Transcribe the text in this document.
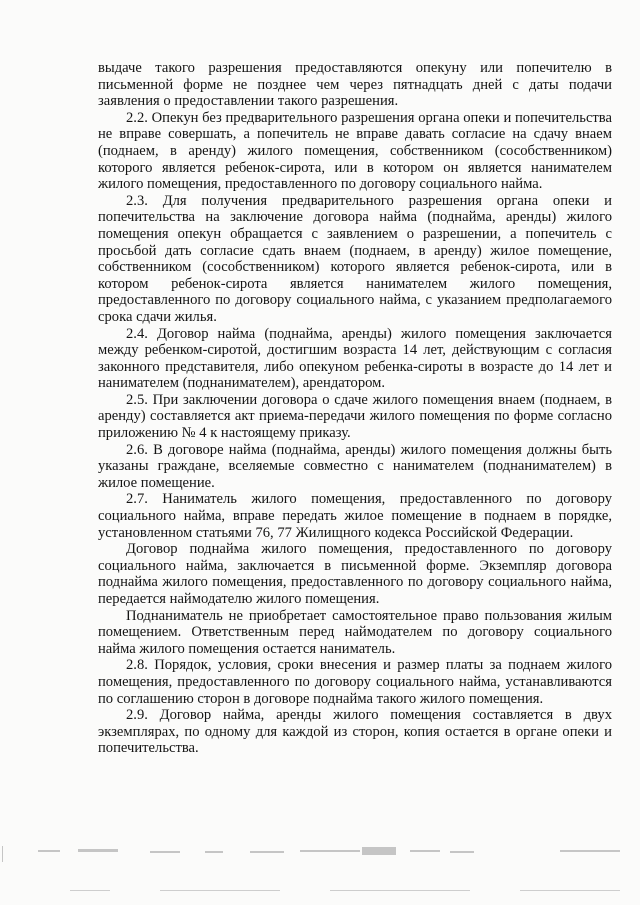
выдаче такого разрешения предоставляются опекуну или попечителю в письменной форме не позднее чем через пятнадцать дней с даты подачи заявления о предоставлении такого разрешения.

2.2. Опекун без предварительного разрешения органа опеки и попечительства не вправе совершать, а попечитель не вправе давать согласие на сдачу внаем (поднаем, в аренду) жилого помещения, собственником (сособственником) которого является ребенок-сирота, или в котором он является нанимателем жилого помещения, предоставленного по договору социального найма.

2.3. Для получения предварительного разрешения органа опеки и попечительства на заключение договора найма (поднайма, аренды) жилого помещения опекун обращается с заявлением о разрешении, а попечитель с просьбой дать согласие сдать внаем (поднаем, в аренду) жилое помещение, собственником (сособственником) которого является ребенок-сирота, или в котором ребенок-сирота является нанимателем жилого помещения, предоставленного по договору социального найма, с указанием предполагаемого срока сдачи жилья.

2.4. Договор найма (поднайма, аренды) жилого помещения заключается между ребенком-сиротой, достигшим возраста 14 лет, действующим с согласия законного представителя, либо опекуном ребенка-сироты в возрасте до 14 лет и нанимателем (поднанимателем), арендатором.

2.5. При заключении договора о сдаче жилого помещения внаем (поднаем, в аренду) составляется акт приема-передачи жилого помещения по форме согласно приложению № 4 к настоящему приказу.

2.6. В договоре найма (поднайма, аренды) жилого помещения должны быть указаны граждане, вселяемые совместно с нанимателем (поднанимателем) в жилое помещение.

2.7. Наниматель жилого помещения, предоставленного по договору социального найма, вправе передать жилое помещение в поднаем в порядке, установленном статьями 76, 77 Жилищного кодекса Российской Федерации.

Договор поднайма жилого помещения, предоставленного по договору социального найма, заключается в письменной форме. Экземпляр договора поднайма жилого помещения, предоставленного по договору социального найма, передается наймодателю жилого помещения.

Поднаниматель не приобретает самостоятельное право пользования жилым помещением. Ответственным перед наймодателем по договору социального найма жилого помещения остается наниматель.

2.8. Порядок, условия, сроки внесения и размер платы за поднаем жилого помещения, предоставленного по договору социального найма, устанавливаются по соглашению сторон в договоре поднайма такого жилого помещения.

2.9. Договор найма, аренды жилого помещения составляется в двух экземплярах, по одному для каждой из сторон, копия остается в органе опеки и попечительства.
